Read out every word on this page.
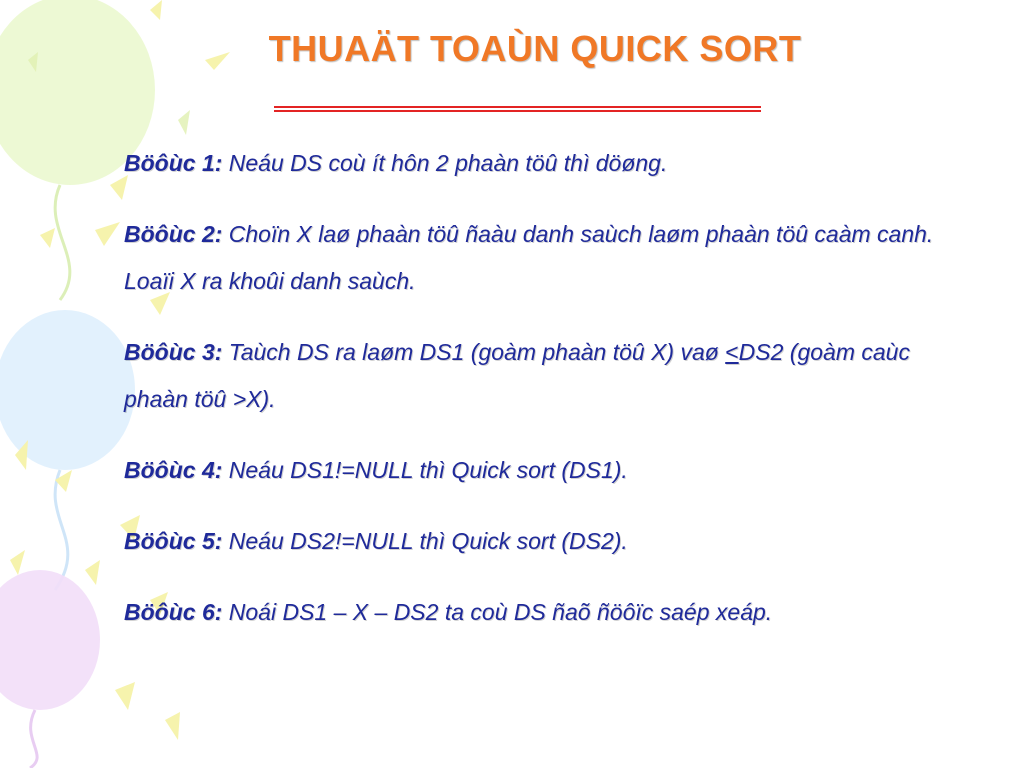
THUAÄT TOAÙN QUICK SORT
Böôùc 1: Neáu DS coù ít hôn 2 phaàn töû thì döøng.
Böôùc 2: Choïn X laø phaàn töû ñaàu danh saùch laøm phaàn töû caàm canh. Loaïi X ra khoûi danh saùch.
Böôùc 3: Taùch DS ra laøm DS1 (goàm phaàn töû X) vaø <DS2 (goàm caùc phaàn töû >X).
Böôùc 4: Neáu DS1!=NULL thì Quick sort (DS1).
Böôùc 5: Neáu DS2!=NULL thì Quick sort (DS2).
Böôùc 6: Noái DS1 – X – DS2 ta coù DS ñaõ ñöôïc saép xeáp.
